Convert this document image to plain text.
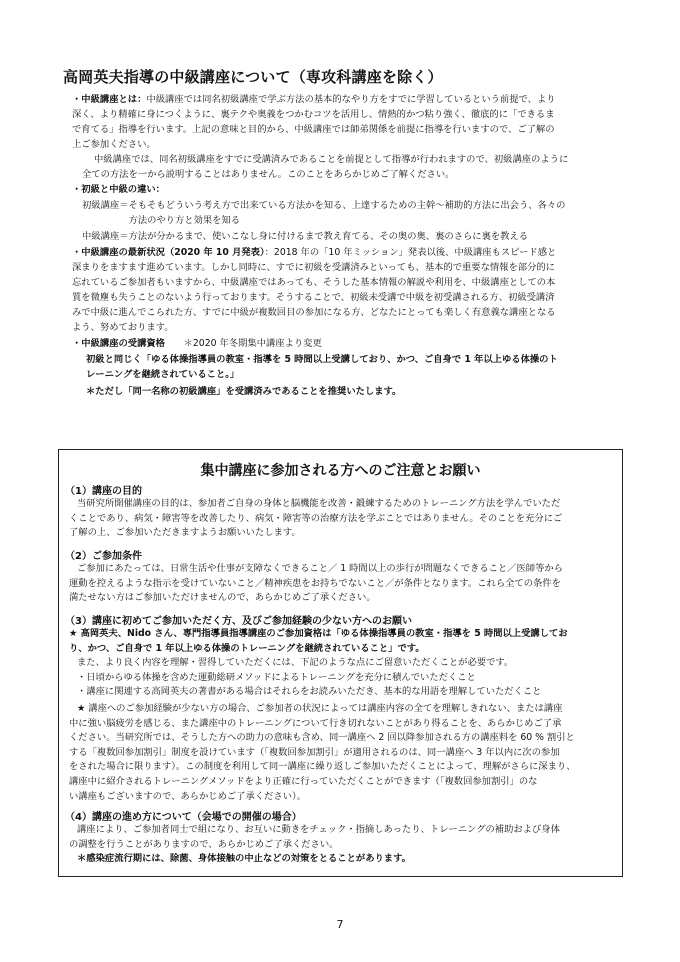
高岡英夫指導の中級講座について（専攻科講座を除く）
・中級講座とは：中級講座では同名初級講座で学ぶ方法の基本的なやり方をすでに学習しているという前提で、より
深く、より精確に身につくように、裏テクや奥義をつかむコツを活用し、情熱的かつ粘り強く、徹底的に「できるま
で育てる」指導を行います。上記の意味と目的から、中級講座では師弟関係を前提に指導を行いますので、ご了解の
上ご参加ください。
中級講座では、同名初級講座をすでに受講済みであることを前提として指導が行われますので、初級講座のように
全ての方法を一から説明することはありません。このことをあらかじめご了解ください。
・初級と中級の違い：
初級講座＝そもそもどういう考え方で出来ている方法かを知る、上達するための主幹〜補助的方法に出会う、各々の
　　　　　方法のやり方と効果を知る
中級講座＝方法が分かるまで、使いこなし身に付けるまで教え育てる、その奥の奥、裏のさらに裏を教える
・中級講座の最新状況（2020 年 10 月発表）：2018 年の「10 年ミッション」発表以後、中級講座もスピード感と
深まりをますます進めています。しかし同時に、すでに初級を受講済みといっても、基本的で重要な情報を部分的に
忘れているご参加者もいますから、中級講座ではあっても、そうした基本情報の解説や利用を、中級講座としての本
質を微塵も失うことのないよう行っております。そうすることで、初級未受講で中級を初受講される方、初級受講済
みで中級に進んでこられた方、すでに中級が複数回目の参加になる方、どなたにとっても楽しく有意義な講座となる
よう、努めております。
・中級講座の受講資格　　 ＊2020 年冬期集中講座より変更
初級と同じく「ゆる体操指導員の教室・指導を 5 時間以上受講しており、かつ、ご自身で 1 年以上ゆる体操のト
レーニングを継続されていること。」
＊ただし「同一名称の初級講座」を受講済みであることを推奨いたします。
集中講座に参加される方へのご注意とお願い
（1）講座の目的
当研究所開催講座の目的は、参加者ご自身の身体と脳機能を改善・鍛練するためのトレーニング方法を学んでいただ
くことであり、病気・障害等を改善したり、病気・障害等の治療方法を学ぶことではありません。そのことを充分にご
了解の上、ご参加いただきますようお願いいたします。
（2）ご参加条件
ご参加にあたっては、日常生活や仕事が支障なくできること／ 1 時間以上の歩行が問題なくできること／医師等から
運動を控えるような指示を受けていないこと／精神疾患をお持ちでないこと／が条件となります。これら全ての条件を
満たせない方はご参加いただけませんので、あらかじめご了承ください。
（3）講座に初めてご参加いただく方、及びご参加経験の少ない方へのお願い
★ 高岡英夫、Nido さん、専門指導員指導講座のご参加資格は「ゆる体操指導員の教室・指導を 5 時間以上受講してお
り、かつ、ご自身で 1 年以上ゆる体操のトレーニングを継続されていること」です。
また、より良く内容を理解・習得していただくには、下記のような点にご留意いただくことが必要です。
・日頃からゆる体操を含めた運動総研メソッドによるトレーニングを充分に積んでいただくこと
・講座に関連する高岡英夫の著書がある場合はそれらをお読みいただき、基本的な用語を理解していただくこと
★ 講座へのご参加経験が少ない方の場合、ご参加者の状況によっては講座内容の全てを理解しきれない、または講座
中に強い脳疲労を感じる、また講座中のトレーニングについて行き切れないことがあり得ることを、あらかじめご了承
ください。当研究所では、そうした方への助力の意味も含め、同一講座へ 2 回以降参加される方の講座料を 60 % 割引と
する「複数回参加割引」制度を設けています（「複数回参加割引」が適用されるのは、同一講座へ 3 年以内に次の参加
をされた場合に限ります）。この制度を利用して同一講座に繰り返しご参加いただくことによって、理解がさらに深まり、
講座中に紹介されるトレーニングメソッドをより正確に行っていただくことができます（「複数回参加割引」のな
い講座もございますので、あらかじめご了承ください）。
（4）講座の進め方について（会場での開催の場合）
講座により、ご参加者同士で組になり、お互いに動きをチェック・指摘しあったり、トレーニングの補助および身体
の調整を行うことがありますので、あらかじめご了承ください。
＊感染症流行期には、除菌、身体接触の中止などの対策をとることがあります。
7
